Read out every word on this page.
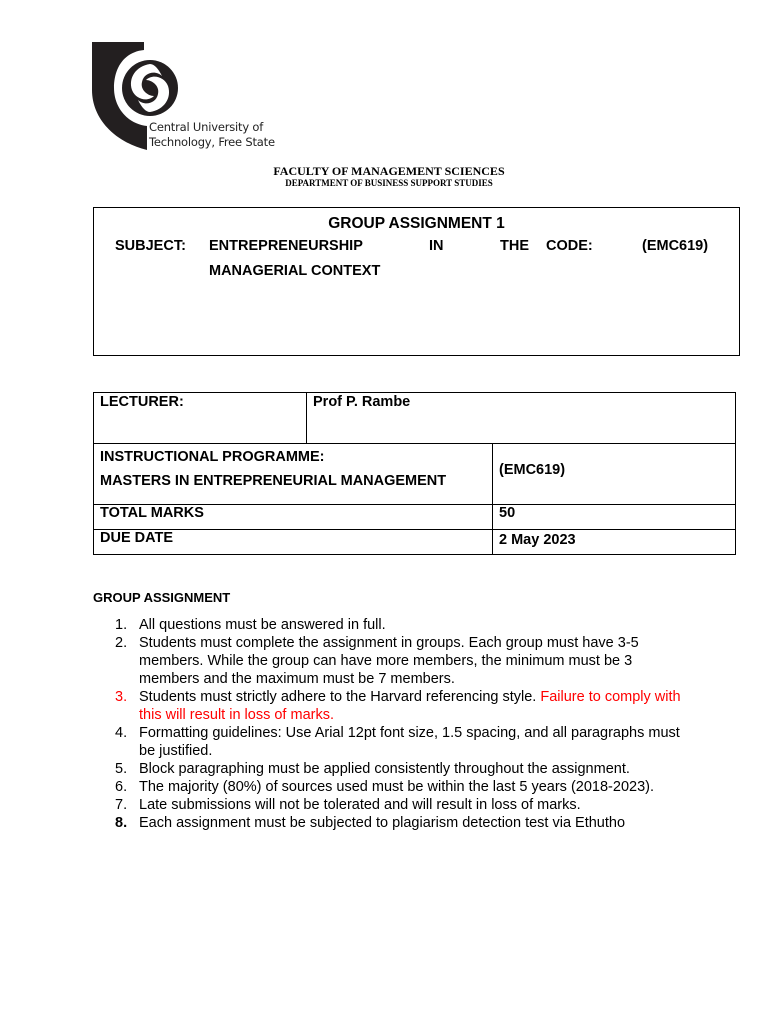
Central University of
Technology, Free State
FACULTY OF MANAGEMENT SCIENCES
DEPARTMENT OF BUSINESS SUPPORT STUDIES
GROUP ASSIGNMENT 1
SUBJECT: ENTREPRENEURSHIP	IN	THE CODE:	(EMC619)
MANAGERIAL CONTEXT
LECTURER:	Prof P. Rambe	

INSTRUCTIONAL PROGRAMME:
MASTERS IN ENTREPRENEURIAL MANAGEMENT		(EMC619)
TOTAL MARKS		50
DUE DATE		2 May 2023
GROUP ASSIGNMENT
1. All questions must be answered in full.
2. Students must complete the assignment in groups. Each group must have 3-5 members. While the group can have more members, the minimum must be 3 members and the maximum must be 7 members.
3. Students must strictly adhere to the Harvard referencing style. Failure to comply with this will result in loss of marks.
4. Formatting guidelines: Use Arial 12pt font size, 1.5 spacing, and all paragraphs must be justified.
5. Block paragraphing must be applied consistently throughout the assignment.
6. The majority (80%) of sources used must be within the last 5 years (2018-2023).
7. Late submissions will not be tolerated and will result in loss of marks.
8. Each assignment must be subjected to plagiarism detection test via Ethutho
